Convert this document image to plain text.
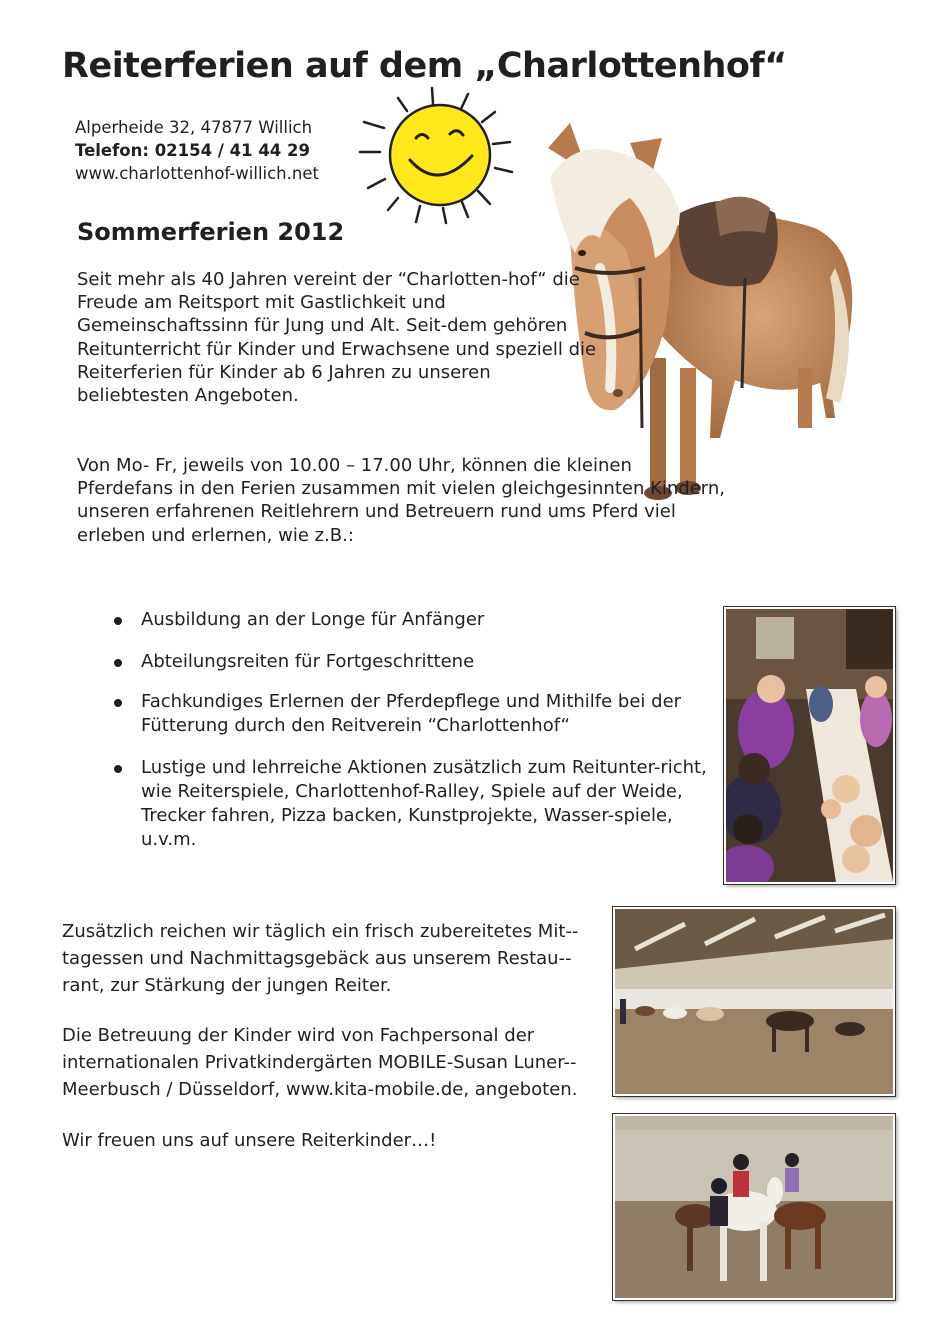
Reiterferien auf dem „Charlottenhof“
Alperheide 32, 47877 Willich
Telefon: 02154 / 41 44 29
www.charlottenhof-willich.net
Sommerferien 2012
Seit mehr als 40 Jahren vereint der “Charlotten-hof“ die Freude am Reitsport mit Gastlichkeit und Gemeinschaftssinn für Jung und Alt. Seit-dem gehören Reitunterricht für Kinder und Erwachsene und speziell die Reiterferien für Kinder ab 6 Jahren zu unseren beliebtesten Angeboten.
Von Mo- Fr, jeweils von 10.00 – 17.00 Uhr, können die kleinen Pferdefans in den Ferien zusammen mit vielen gleichgesinnten Kindern, unseren erfahrenen Reitlehrern und Betreuern rund ums Pferd viel erleben und erlernen, wie z.B.:
Ausbildung an der Longe für Anfänger
Abteilungsreiten für Fortgeschrittene
Fachkundiges Erlernen der Pferdepflege und Mithilfe bei der Fütterung durch den Reitverein “Charlottenhof“
Lustige und lehrreiche Aktionen zusätzlich zum Reitunter-richt, wie Reiterspiele, Charlottenhof-Ralley, Spiele auf der Weide, Trecker fahren, Pizza backen, Kunstprojekte, Wasser-spiele, u.v.m.
Zusätzlich reichen wir täglich ein frisch zubereitetes Mit-tagessen und Nachmittagsgebäck aus unserem Restau-rant, zur Stärkung der jungen Reiter.
Die Betreuung der Kinder wird von Fachpersonal der internationalen Privatkindergärten MOBILE-Susan Luner-Meerbusch / Düsseldorf, www.kita-mobile.de, angeboten.
Wir freuen uns auf unsere Reiterkinder…!
